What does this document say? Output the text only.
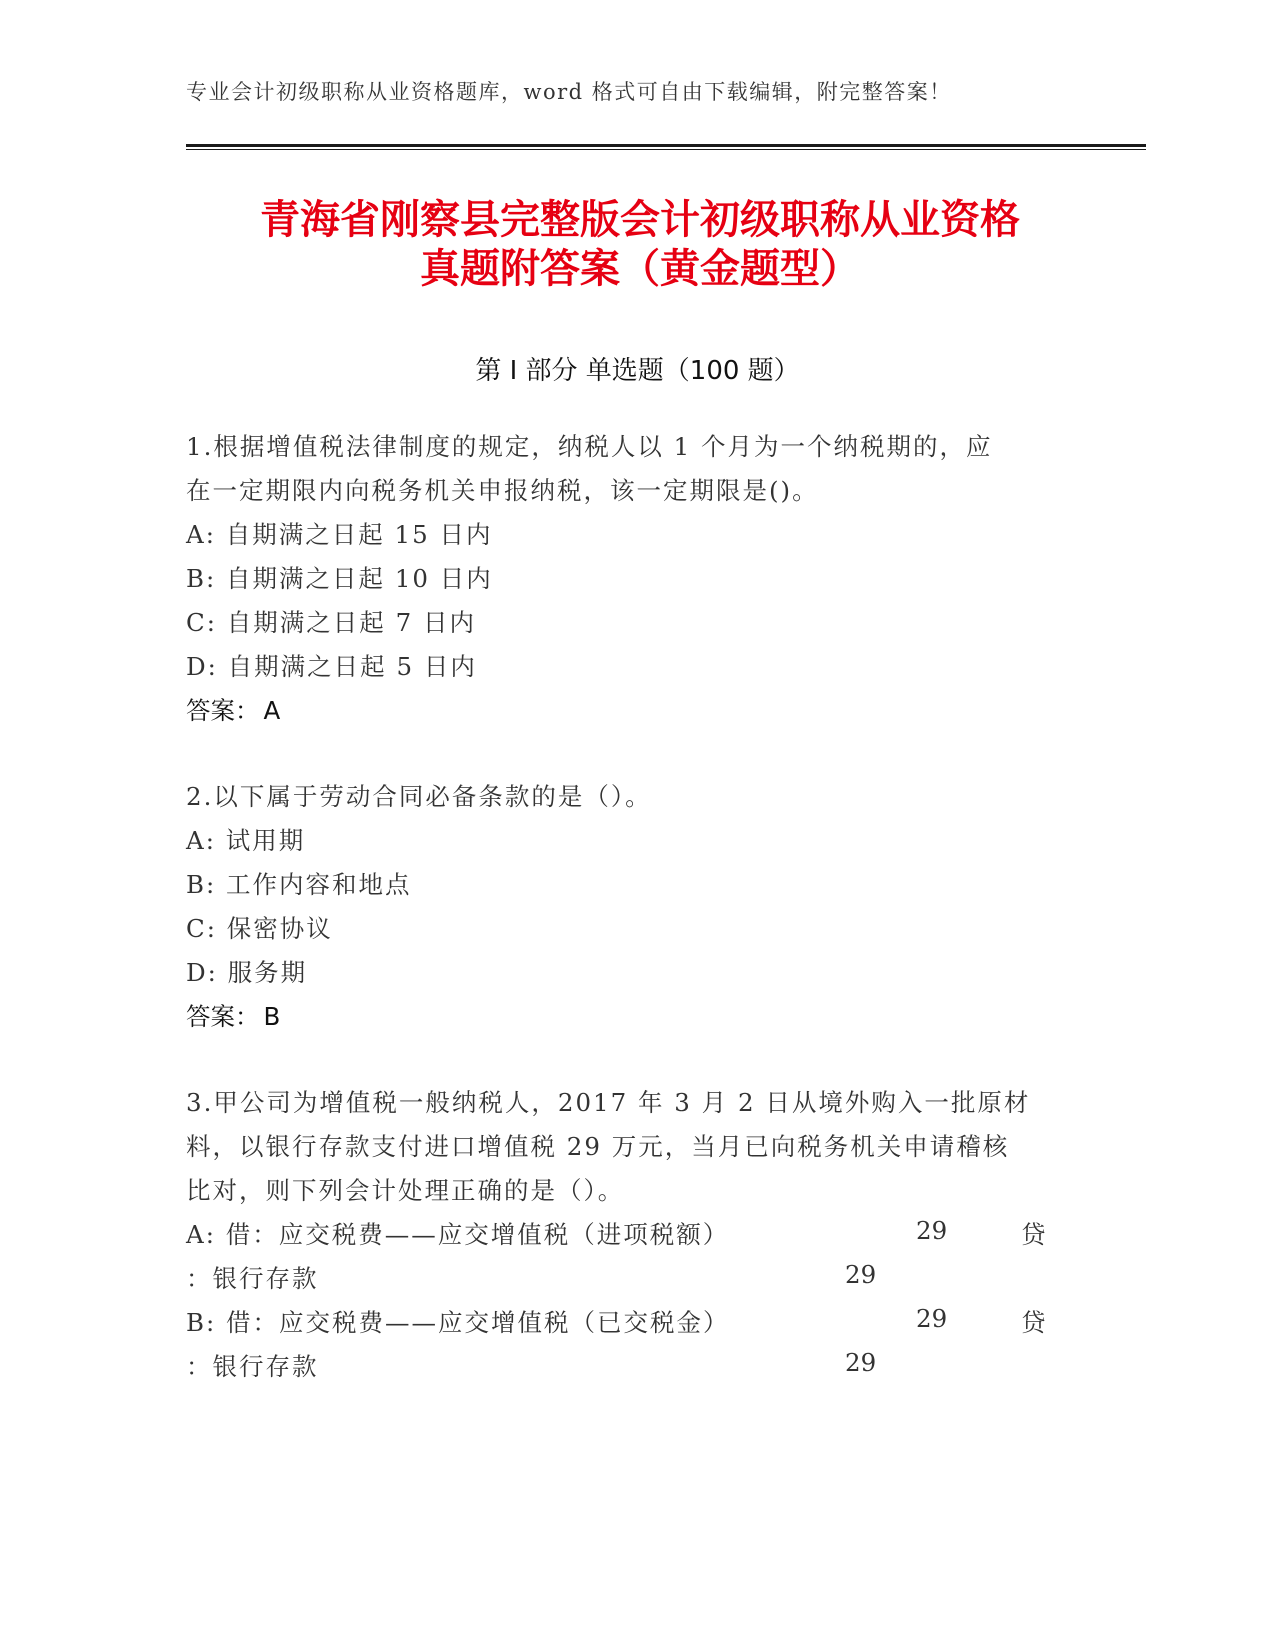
专业会计初级职称从业资格题库，word 格式可自由下载编辑，附完整答案！
青海省刚察县完整版会计初级职称从业资格
真题附答案（黄金题型）
第 I 部分 单选题（100 题）
1.根据增值税法律制度的规定，纳税人以 1 个月为一个纳税期的，应
在一定期限内向税务机关申报纳税，该一定期限是()。
A: 自期满之日起 15 日内
B: 自期满之日起 10 日内
C: 自期满之日起 7 日内
D: 自期满之日起 5 日内
答案： A
2.以下属于劳动合同必备条款的是（）。
A: 试用期
B: 工作内容和地点
C: 保密协议
D: 服务期
答案： B
3.甲公司为增值税一般纳税人，2017 年 3 月 2 日从境外购入一批原材
料，以银行存款支付进口增值税 29 万元，当月已向税务机关申请稽核
比对，则下列会计处理正确的是（）。
A: 借：应交税费——应交增值税（进项税额）	29	贷
：银行存款	29
B: 借：应交税费——应交增值税（已交税金）	29	贷
：银行存款	29
